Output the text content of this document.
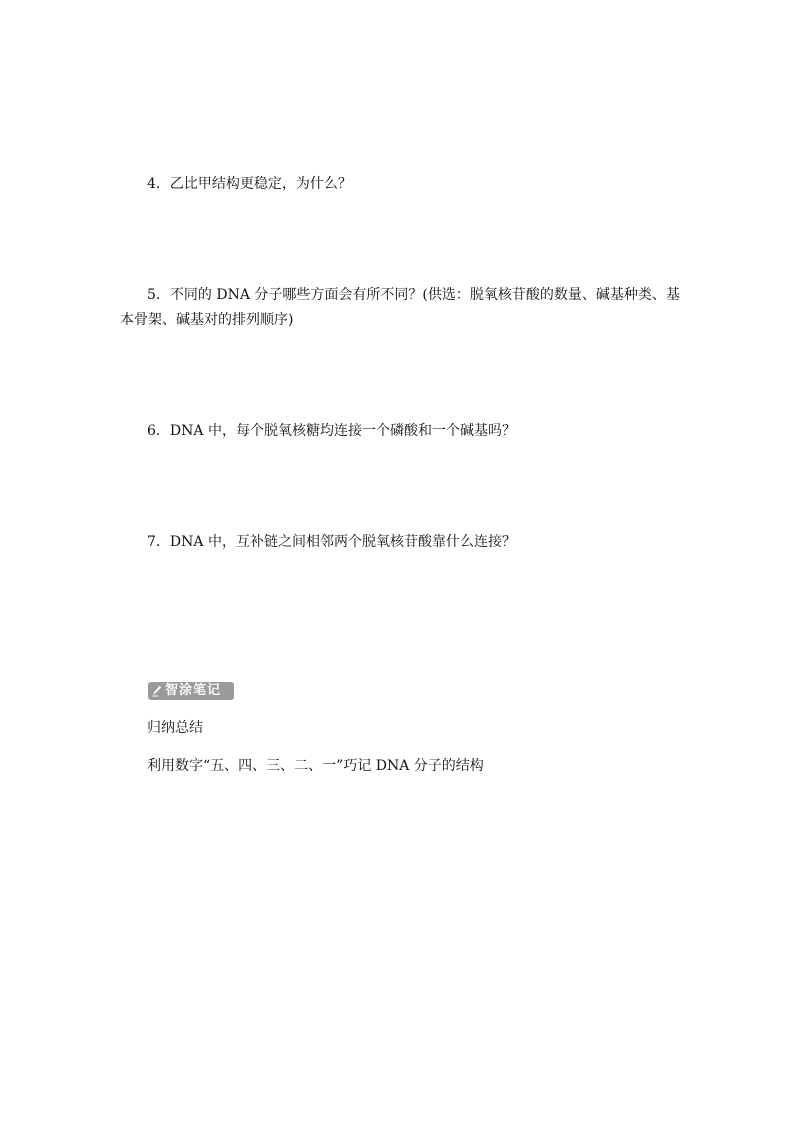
4．乙比甲结构更稳定，为什么？
5．不同的 DNA 分子哪些方面会有所不同？(供选：脱氧核苷酸的数量、碱基种类、基
本骨架、碱基对的排列顺序)
6．DNA 中，每个脱氧核糖均连接一个磷酸和一个碱基吗？
7．DNA 中，互补链之间相邻两个脱氧核苷酸靠什么连接？
智涂笔记
归纳总结
利用数字“五、四、三、二、一”巧记 DNA 分子的结构
